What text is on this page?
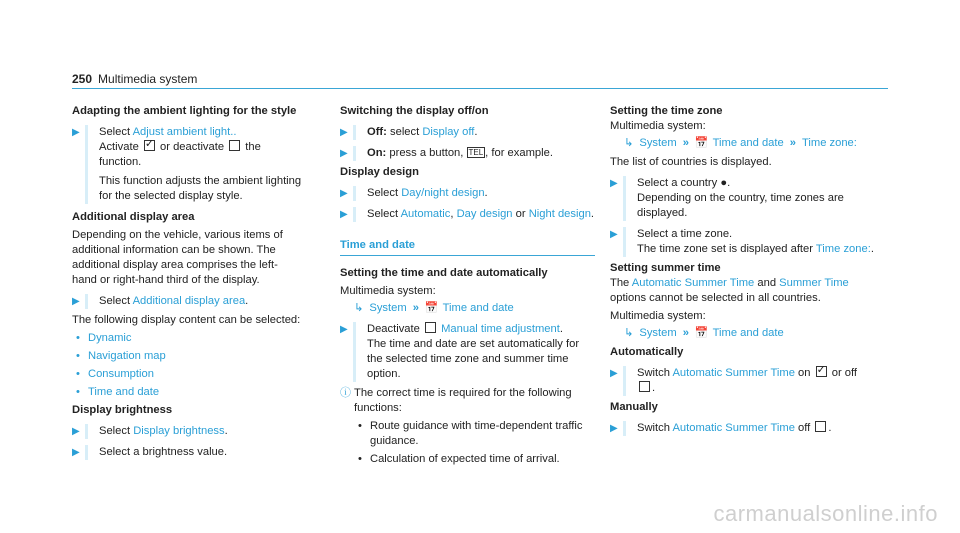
250 Multimedia system
Adapting the ambient lighting for the style
▶ Select Adjust ambient light..
Activate ✓ or deactivate  the function.
This function adjusts the ambient lighting for the selected display style.
Additional display area
Depending on the vehicle, various items of additional information can be shown. The additional display area comprises the left-hand or right-hand third of the display.
▶ Select Additional display area.
The following display content can be selected:
• Dynamic
• Navigation map
• Consumption
• Time and date
Display brightness
▶ Select Display brightness.
▶ Select a brightness value.
Switching the display off/on
▶ Off: select Display off.
▶ On: press a button, TEL , for example.
Display design
▶ Select Day/night design.
▶ Select Automatic, Day design or Night design.
Time and date
Setting the time and date automatically
Multimedia system:
↳ System » 📅 Time and date
▶ Deactivate  Manual time adjustment.
The time and date are set automatically for the selected time zone and summer time option.
ⓘ The correct time is required for the following functions:
• Route guidance with time-dependent traffic guidance.
• Calculation of expected time of arrival.
Setting the time zone
Multimedia system:
↳ System » 📅 Time and date » Time zone:
The list of countries is displayed.
▶ Select a country ●.
Depending on the country, time zones are displayed.
▶ Select a time zone.
The time zone set is displayed after Time zone:.
Setting summer time
The Automatic Summer Time and Summer Time options cannot be selected in all countries.
Multimedia system:
↳ System » 📅 Time and date
Automatically
▶ Switch Automatic Summer Time on ✓ or off
.
Manually
▶ Switch Automatic Summer Time off .
carmanualsonline.info
